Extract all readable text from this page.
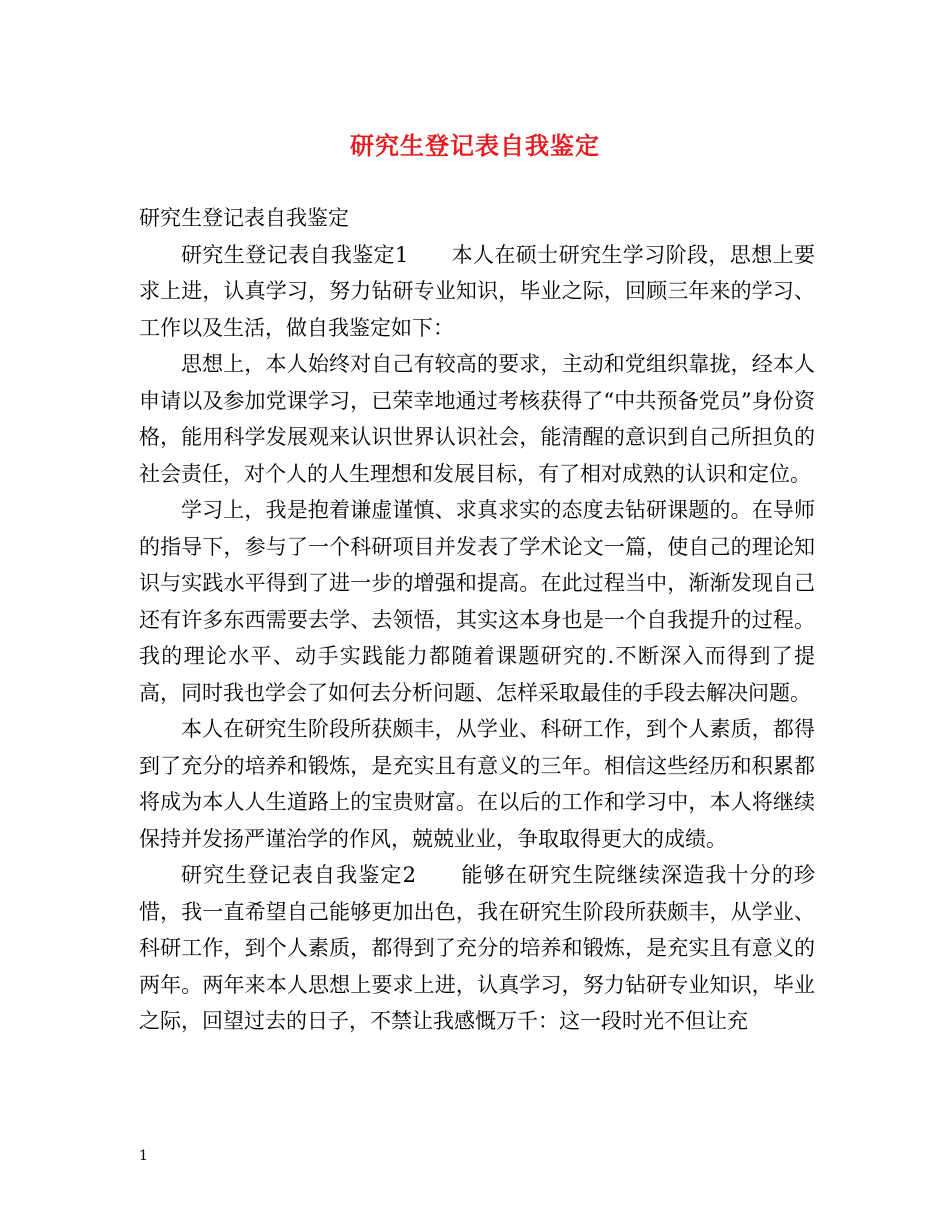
研究生登记表自我鉴定

研究生登记表自我鉴定

研究生登记表自我鉴定1　　本人在硕士研究生学习阶段，思想上要求上进，认真学习，努力钻研专业知识，毕业之际，回顾三年来的学习、工作以及生活，做自我鉴定如下：

思想上，本人始终对自己有较高的要求，主动和党组织靠拢，经本人申请以及参加党课学习，已荣幸地通过考核获得了“中共预备党员”身份资格，能用科学发展观来认识世界认识社会，能清醒的意识到自己所担负的社会责任，对个人的人生理想和发展目标，有了相对成熟的认识和定位。

学习上，我是抱着谦虚谨慎、求真求实的态度去钻研课题的。在导师的指导下，参与了一个科研项目并发表了学术论文一篇，使自己的理论知识与实践水平得到了进一步的增强和提高。在此过程当中，渐渐发现自己还有许多东西需要去学、去领悟，其实这本身也是一个自我提升的过程。我的理论水平、动手实践能力都随着课题研究的.不断深入而得到了提高，同时我也学会了如何去分析问题、怎样采取最佳的手段去解决问题。

本人在研究生阶段所获颇丰，从学业、科研工作，到个人素质，都得到了充分的培养和锻炼，是充实且有意义的三年。相信这些经历和积累都将成为本人人生道路上的宝贵财富。在以后的工作和学习中，本人将继续保持并发扬严谨治学的作风，兢兢业业，争取取得更大的成绩。

研究生登记表自我鉴定2　　能够在研究生院继续深造我十分的珍惜，我一直希望自己能够更加出色，我在研究生阶段所获颇丰，从学业、科研工作，到个人素质，都得到了充分的培养和锻炼，是充实且有意义的两年。两年来本人思想上要求上进，认真学习，努力钻研专业知识，毕业之际，回望过去的日子，不禁让我感慨万千：这一段时光不但让充

1
